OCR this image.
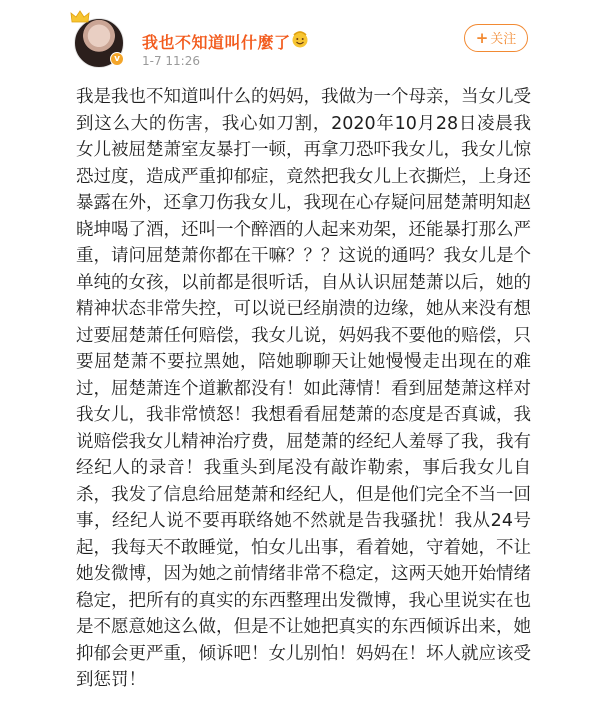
v
我也不知道叫什麼了
1-7 11:26
+ 关注
我是我也不知道叫什么的妈妈，我做为一个母亲，当女儿受到这么大的伤害，我心如刀割，2020年10月28日凌晨我女儿被屈楚萧室友暴打一顿，再拿刀恐吓我女儿，我女儿惊恐过度，造成严重抑郁症，竟然把我女儿上衣撕烂，上身还暴露在外，还拿刀伤我女儿，我现在心存疑问屈楚萧明知赵晓坤喝了酒，还叫一个醉酒的人起来劝架，还能暴打那么严重，请问屈楚萧你都在干嘛？？？这说的通吗？我女儿是个单纯的女孩，以前都是很听话，自从认识屈楚萧以后，她的精神状态非常失控，可以说已经崩溃的边缘，她从来没有想过要屈楚萧任何赔偿，我女儿说，妈妈我不要他的赔偿，只要屈楚萧不要拉黑她，陪她聊聊天让她慢慢走出现在的难过，屈楚萧连个道歉都没有！如此薄情！看到屈楚萧这样对我女儿，我非常愤怒！我想看看屈楚萧的态度是否真诚，我说赔偿我女儿精神治疗费，屈楚萧的经纪人羞辱了我，我有经纪人的录音！我重头到尾没有敲诈勒索，事后我女儿自杀，我发了信息给屈楚萧和经纪人，但是他们完全不当一回事，经纪人说不要再联络她不然就是告我骚扰！我从24号起，我每天不敢睡觉，怕女儿出事，看着她，守着她，不让她发微博，因为她之前情绪非常不稳定，这两天她开始情绪稳定，把所有的真实的东西整理出发微博，我心里说实在也是不愿意她这么做，但是不让她把真实的东西倾诉出来，她抑郁会更严重，倾诉吧！女儿别怕！妈妈在！坏人就应该受到惩罚！
